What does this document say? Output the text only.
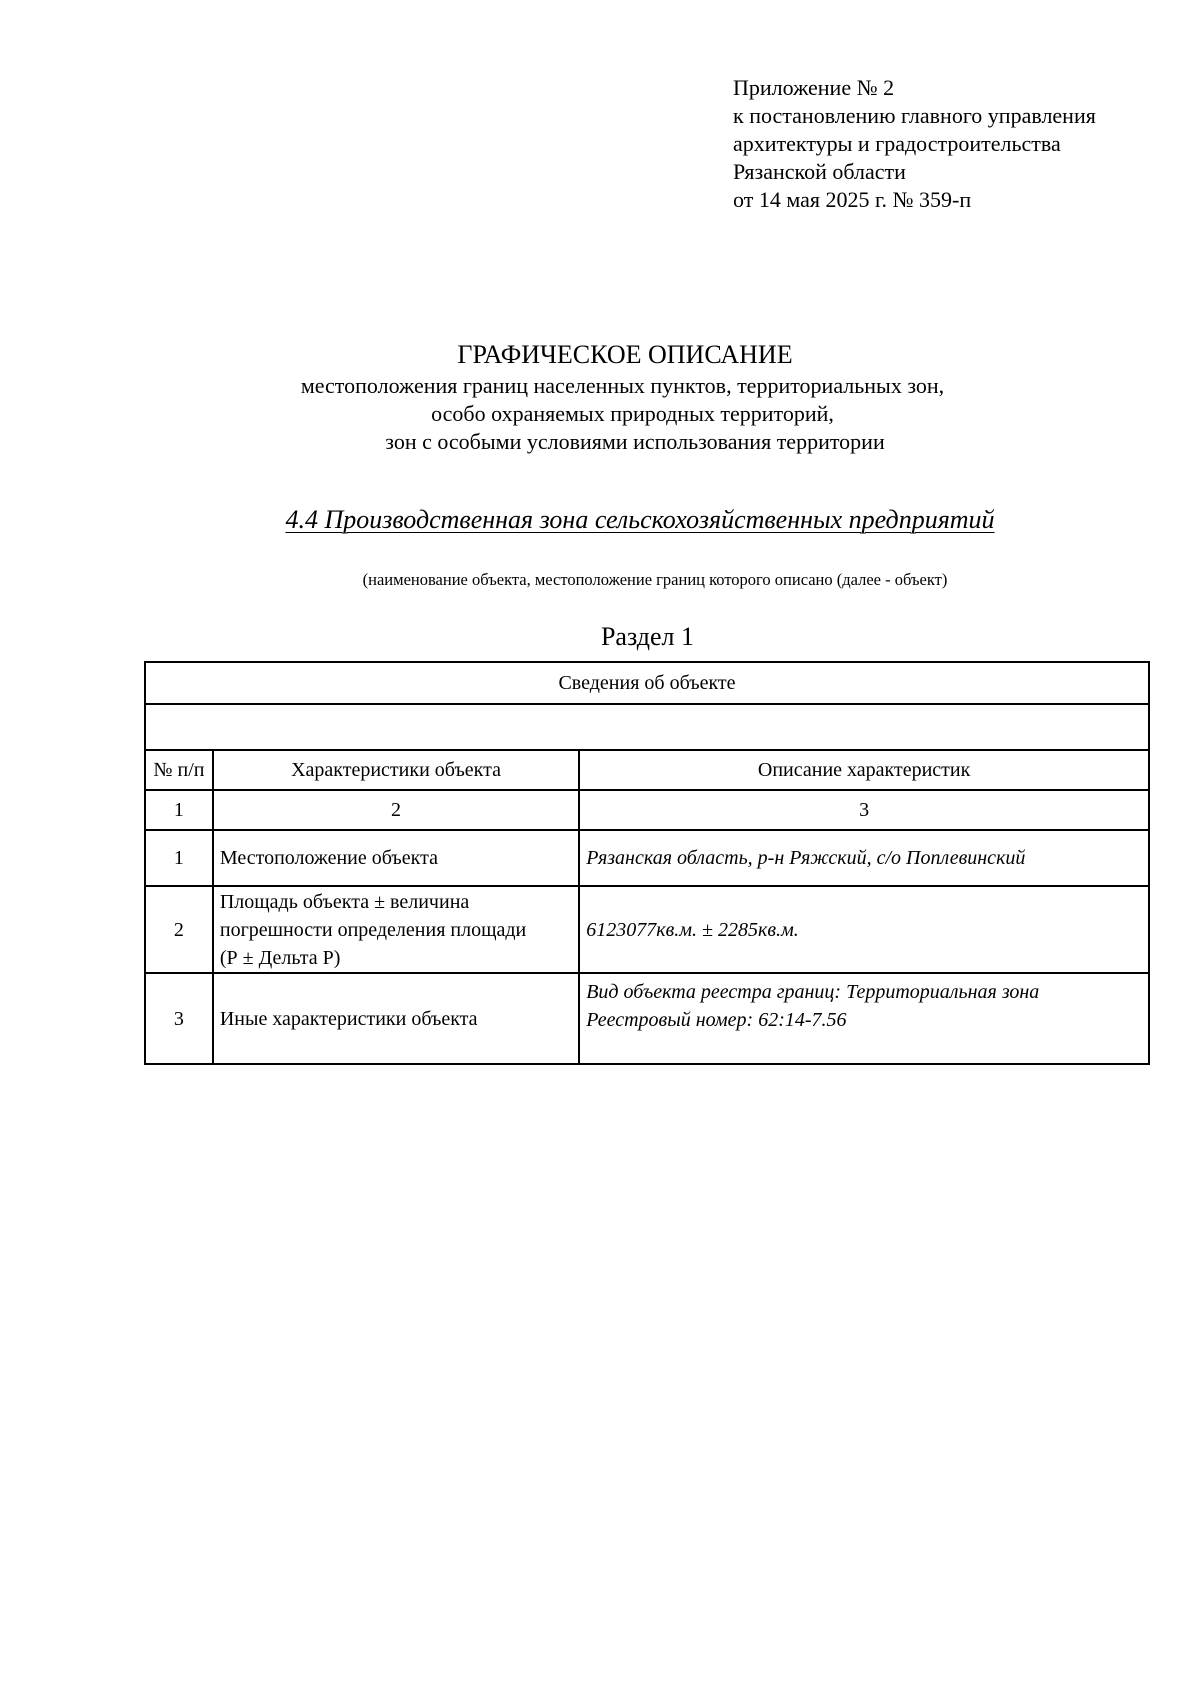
Приложение № 2
к постановлению главного управления
архитектуры и градостроительства
Рязанской области
от 14 мая 2025 г. № 359-п
ГРАФИЧЕСКОЕ ОПИСАНИЕ
местоположения границ населенных пунктов, территориальных зон,
особо охраняемых природных территорий,
зон с особыми условиями использования территории
4.4 Производственная зона сельскохозяйственных предприятий
(наименование объекта, местоположение границ которого описано (далее - объект)
Раздел 1
Сведения об объекте		

№ п/п	Характеристики объекта	Описание характеристик
1	2	3
1	Местоположение объекта	Рязанская область, р-н Ряжский, с/о Поплевинский

2	Площадь объекта ± величина
погрешности определения площади
(Р ± Дельта Р)	6123077кв.м. ± 2285кв.м.

3	Иные характеристики объекта	Вид объекта реестра границ: Территориальная зона
Реестровый номер: 62:14-7.56
